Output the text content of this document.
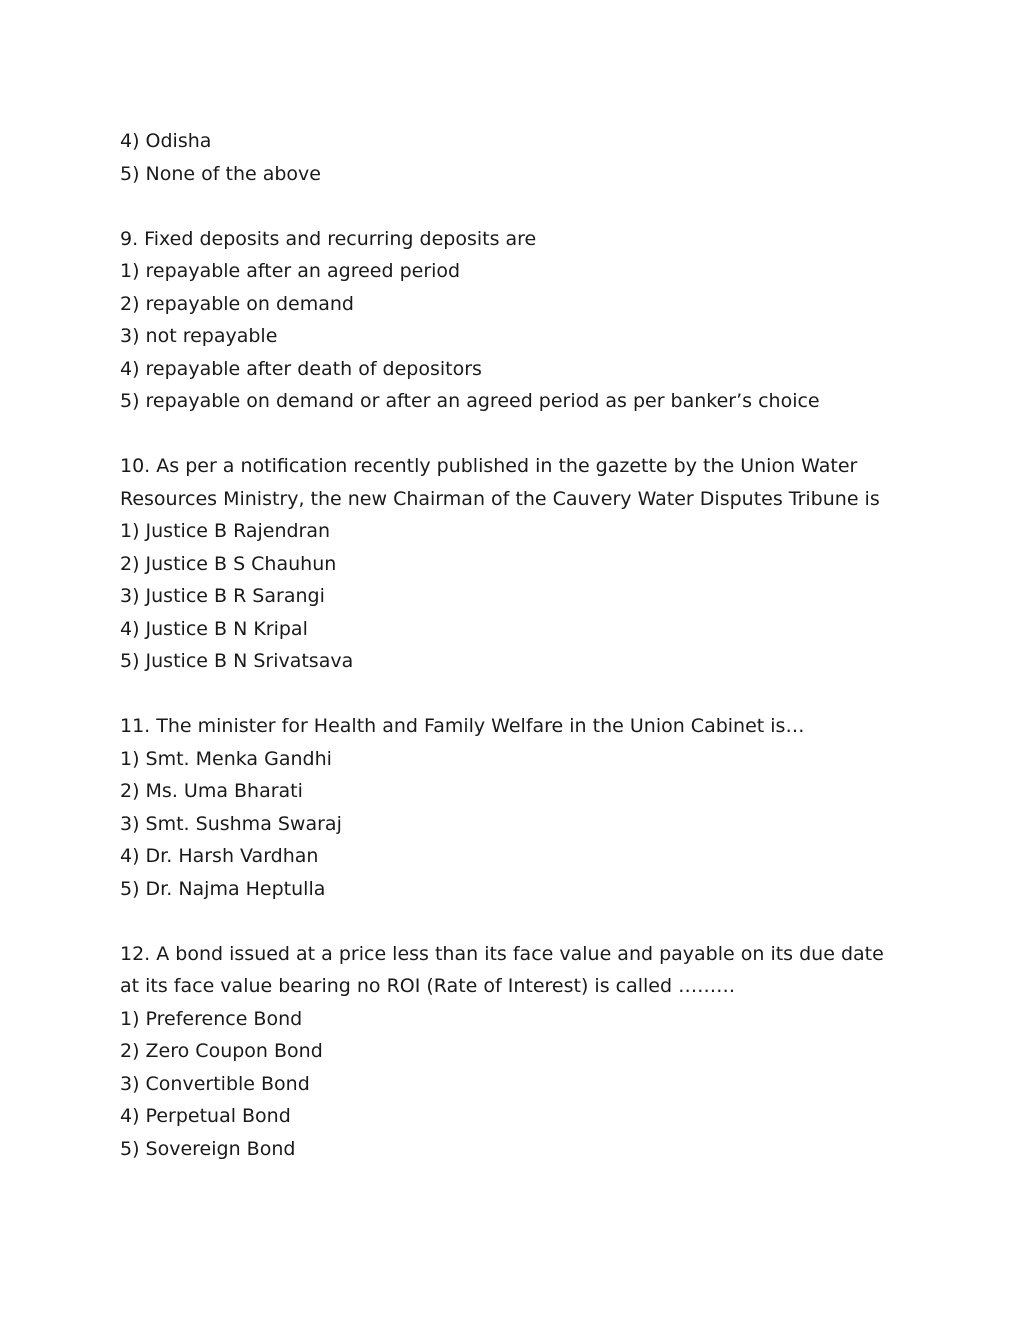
4) Odisha
5) None of the above
9. Fixed deposits and recurring deposits are
1) repayable after an agreed period
2) repayable on demand
3) not repayable
4) repayable after death of depositors
5) repayable on demand or after an agreed period as per banker’s choice
10. As per a notification recently published in the gazette by the Union Water
Resources Ministry, the new Chairman of the Cauvery Water Disputes Tribune is
1) Justice B Rajendran
2) Justice B S Chauhun
3) Justice B R Sarangi
4) Justice B N Kripal
5) Justice B N Srivatsava
11. The minister for Health and Family Welfare in the Union Cabinet is…
1) Smt. Menka Gandhi
2) Ms. Uma Bharati
3) Smt. Sushma Swaraj
4) Dr. Harsh Vardhan
5) Dr. Najma Heptulla
12. A bond issued at a price less than its face value and payable on its due date
at its face value bearing no ROI (Rate of Interest) is called ………
1) Preference Bond
2) Zero Coupon Bond
3) Convertible Bond
4) Perpetual Bond
5) Sovereign Bond
